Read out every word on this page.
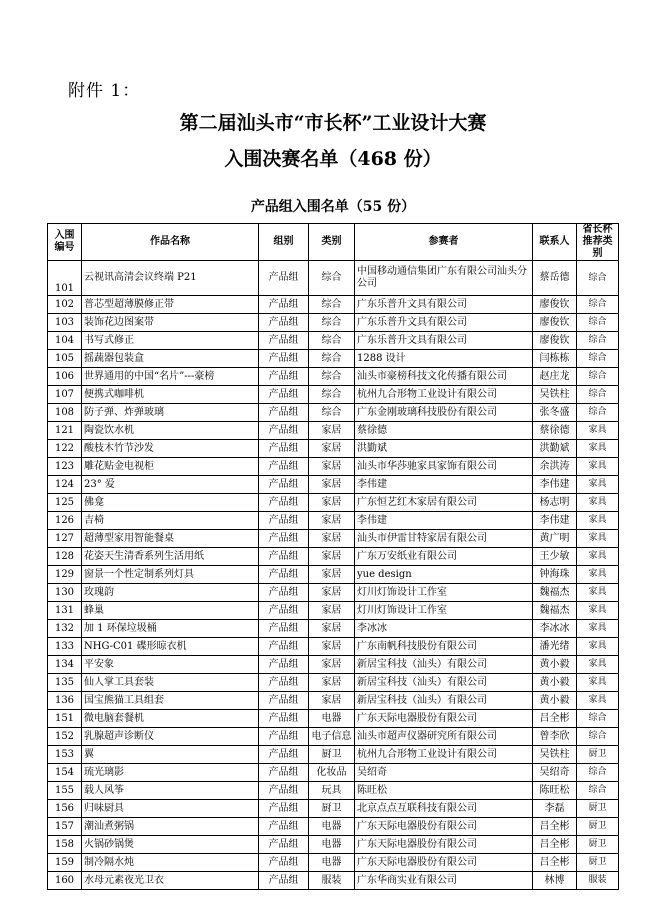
附件 1：
第二届汕头市“市长杯”工业设计大赛
入围决赛名单（468 份）
产品组入围名单（55 份）
入围编号	作品名称	组别	类别	参赛者	联系人	省长杯推荐类别
101	云视讯高清会议终端 P21	产品组	综合	中国移动通信集团广东有限公司汕头分公司	蔡岳德	综合
102	普芯型超薄膜修正带	产品组	综合	广东乐普升文具有限公司	廖俊钦	综合
103	装饰花边图案带	产品组	综合	广东乐普升文具有限公司	廖俊钦	综合
104	书写式修正	产品组	综合	广东乐普升文具有限公司	廖俊钦	综合
105	摇蔬器包装盒	产品组	综合	1288 设计	闫栋栋	综合
106	世界通用的中国“名片”---豪榜	产品组	综合	汕头市豪榜科技文化传播有限公司	赵庄龙	综合
107	便携式咖啡机	产品组	综合	杭州九合形物工业设计有限公司	吴铁柱	综合
108	防子弹、炸弹玻璃	产品组	综合	广东金刚玻璃科技股份有限公司	张冬盛	综合
121	陶瓷饮水机	产品组	家居	蔡徐德	蔡徐德	家具
122	酸枝木竹节沙发	产品组	家居	洪勤斌	洪勤斌	家具
123	雕花贴金电视柜	产品组	家居	汕头市华莎驰家具家饰有限公司	余洪涛	家具
124	23° 爱	产品组	家居	李伟建	李伟建	家具
125	佛龛	产品组	家居	广东恒艺红木家居有限公司	杨志明	家具
126	吉椅	产品组	家居	李伟建	李伟建	家具
127	超薄型家用智能餐桌	产品组	家居	汕头市伊雷甘特家居有限公司	黄广明	家具
128	花姿天生清香系列生活用纸	产品组	家居	广东万安纸业有限公司	王少敏	家具
129	窗景一个性定制系列灯具	产品组	家居	yue design	钟海珠	家具
130	玫瑰韵	产品组	家居	灯川灯饰设计工作室	魏福杰	家具
131	蜂巢	产品组	家居	灯川灯饰设计工作室	魏福杰	家具
132	加 1 环保垃圾桶	产品组	家居	李冰冰	李冰冰	家具
133	NHG-C01 碟形晾衣机	产品组	家居	广东南帆科技股份有限公司	潘光绪	家具
134	平安象	产品组	家居	新居宝科技（汕头）有限公司	黄小毅	家具
135	仙人掌工具套装	产品组	家居	新居宝科技（汕头）有限公司	黄小毅	家具
136	国宝熊猫工具组套	产品组	家居	新居宝科技（汕头）有限公司	黄小毅	家具
151	微电脑套餐机	产品组	电器	广东天际电器股份有限公司	吕全彬	综合
152	乳腺超声诊断仪	产品组	电子信息	汕头市超声仪器研究所有限公司	曾李欣	综合
153	翼	产品组	厨卫	杭州九合形物工业设计有限公司	吴铁柱	厨卫
154	琉光璃影	产品组	化妆品	吴绍奇	吴绍奇	综合
155	载人风筝	产品组	玩具	陈旺松	陈旺松	综合
156	归味厨具	产品组	厨卫	北京点点互联科技有限公司	李磊	厨卫
157	潮汕煮粥锅	产品组	电器	广东天际电器股份有限公司	吕全彬	厨卫
158	火锅砂锅煲	产品组	电器	广东天际电器股份有限公司	吕全彬	厨卫
159	制冷隔水炖	产品组	电器	广东天际电器股份有限公司	吕全彬	厨卫
160	水母元素夜光卫衣	产品组	服装	广东华商实业有限公司	林博	服装
